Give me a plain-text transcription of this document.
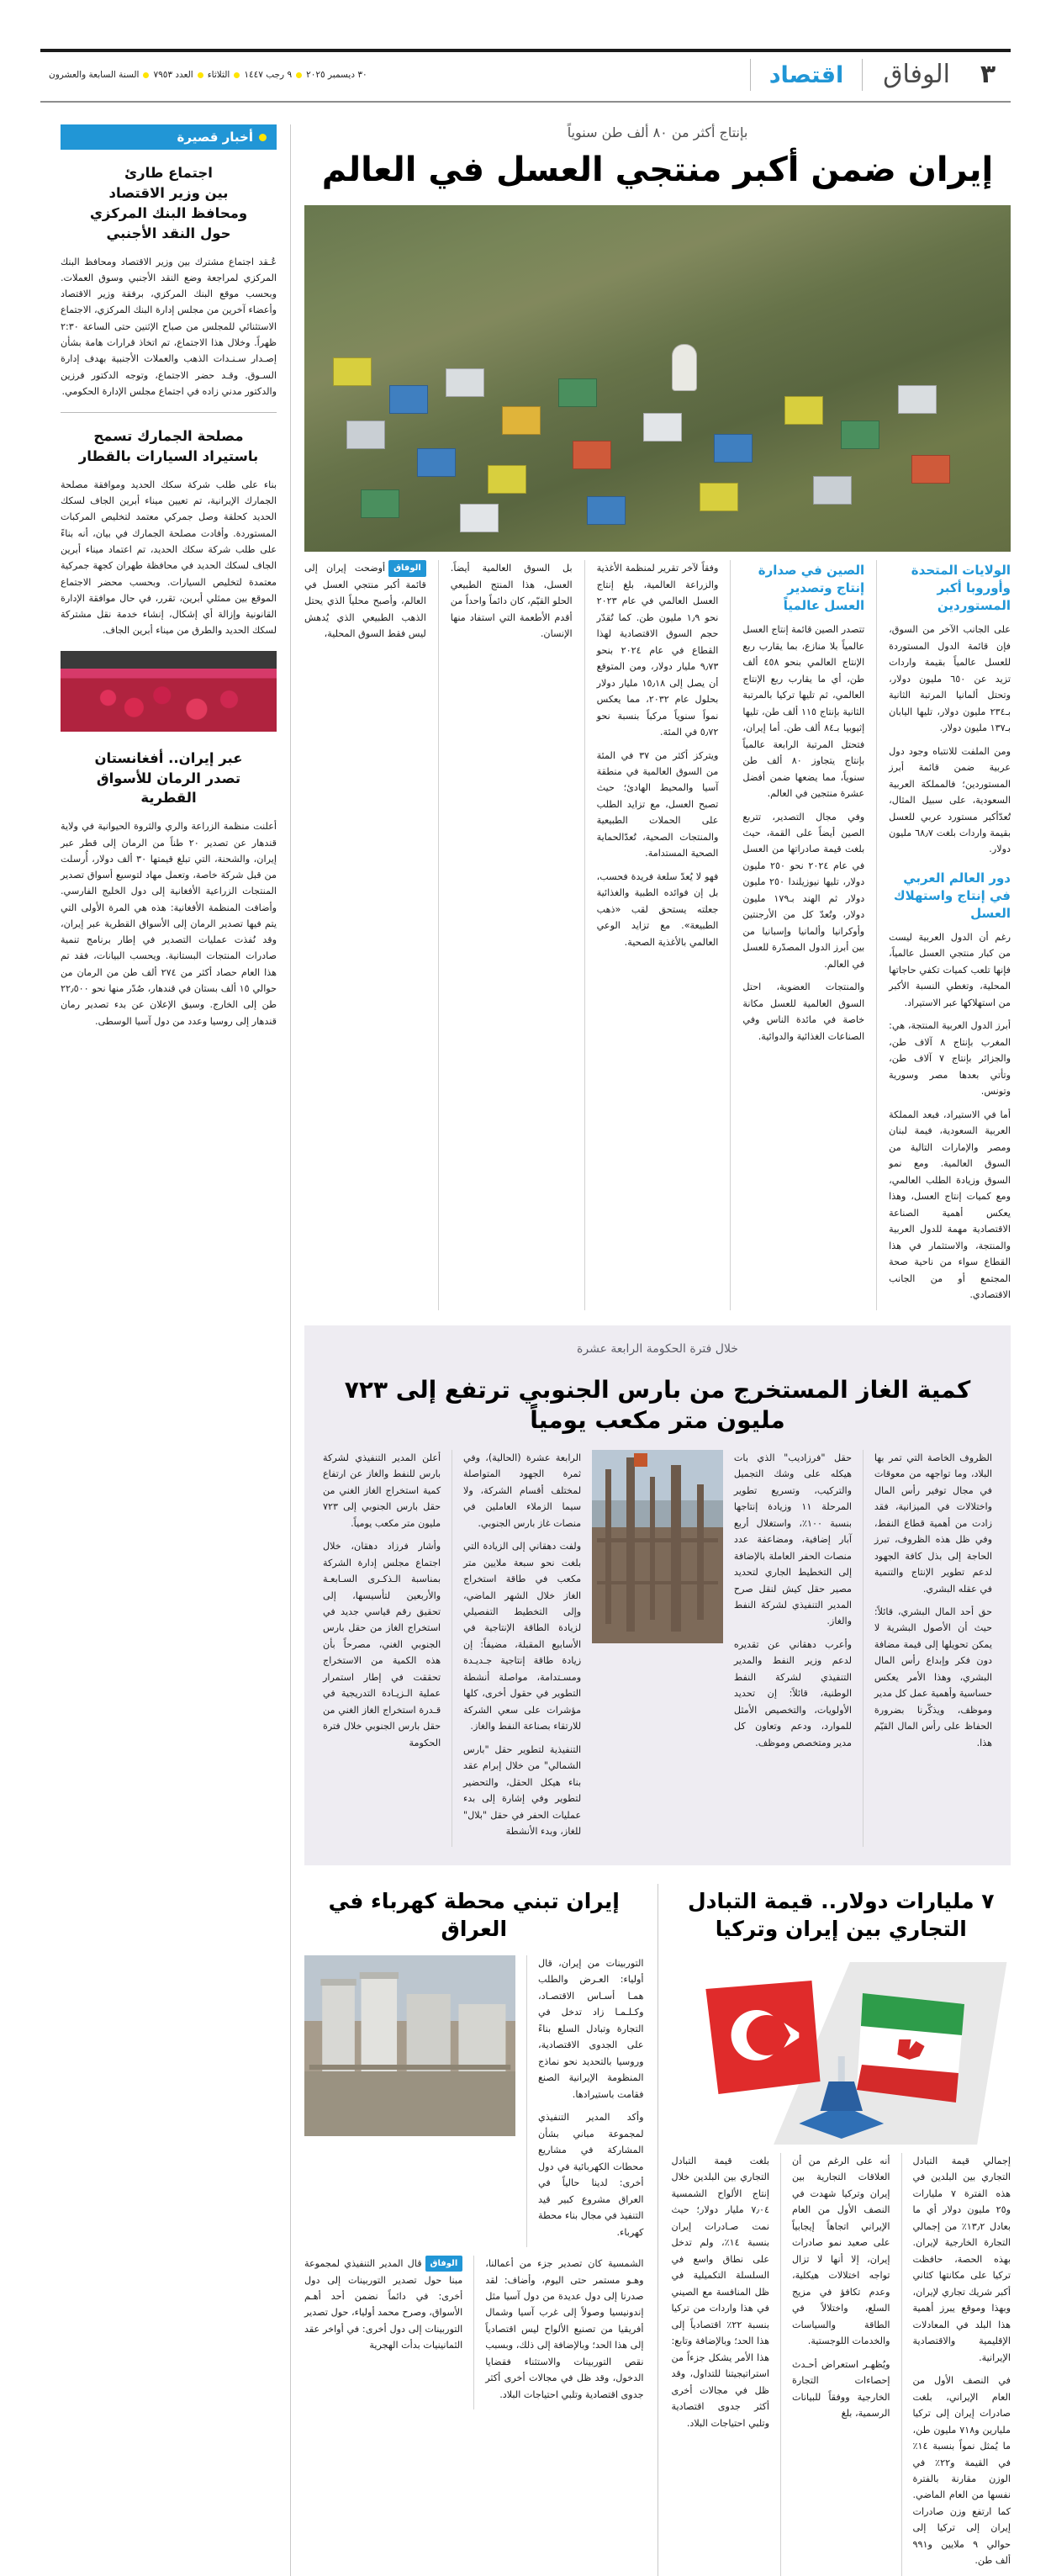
٣
الوفاق
اقتصاد
٣٠ ديسمبر ٢٠٢٥
٩ رجب ١٤٤٧
الثلاثاء
العدد ٧٩٥٣
السنة السابعة والعشرون
بإنتاج أكثر من ٨٠ ألف طن سنوياً
إيران ضمن أكبر منتجي العسل في العالم
الولايات المتحدة وأوروبا أكبر المستوردين

على الجانب الآخر من السوق، فإن قائمة الدول المستوردة للعسل عالمياً بقيمة واردات تزيد عن ٦٥٠ مليون دولار، وتحتل ألمانيا المرتبة الثانية بـ٢٣٤ مليون دولار، تليها اليابان بـ١٣٧ مليون دولار.

ومن الملفت للانتباه وجود دول عربية ضمن قائمة أبرز المستوردين؛ فالمملكة العربية السعودية، على سبيل المثال، تُعدّأكبر مستورد عربي للعسل بقيمة واردات بلغت ٦٨٫٧ مليون دولار.

دور العالم العربي في إنتاج واستهلاك العسل

رغم أن الدول العربية ليست من كبار منتجي العسل عالمياً، فإنها تلعب كميات تكفي حاجاتها المحلية، وتغطي النسبة الأكبر من استهلاكها عبر الاستيراد.

أبرز الدول العربية المنتجة، هي: المغرب بإنتاج ٨ آلاف طن، والجزائر بإنتاج ٧ آلاف طن، وتأتي بعدها مصر وسورية وتونس.

أما في الاستيراد، فبعد المملكة العربية السعودية، فيمة لبنان ومصر والإمارات التالية من السوق العالمية. ومع نمو السوق وزيادة الطلب العالمي، ومع كميات إنتاج العسل، وهذا يعكس أهمية الصناعة الاقتصادية مهمة للدول العربية والمنتجة، والاستثمار في هذا القطاع سواء من ناحية صحة المجتمع أو من الجانب الاقتصادي.

الصين في صدارة إنتاج وتصدير العسل عالمياً

تتصدر الصين قائمة إنتاج العسل عالمياً بلا منازع، بما يقارب ربع الإنتاج العالمي بنحو ٤٥٨ ألف طن، أي ما يقارب ربع الإنتاج العالمي، ثم تليها تركيا بالمرتبة الثانية بإنتاج ١١٥ ألف طن، تليها إثيوبيا بـ٨٤ ألف طن. أما إيران، فتحتل المرتبة الرابعة عالمياً بإنتاج يتجاوز ٨٠ ألف طن سنوياً، مما يضعها ضمن أفضل عشرة منتجين في العالم.

وفي مجال التصدير، تتربع الصين أيضاً على القمة، حيث بلغت قيمة صادراتها من العسل في عام ٢٠٢٤ نحو ٢٥٠ مليون دولار، تليها نيوزيلندا ٢٥٠ مليون دولار ثم الهند بـ١٧٩ مليون دولار، وتُعدّ كل من الأرجنتين وأوكرانيا وألمانيا وإسبانيا من بين أبرز الدول المصدّرة للعسل في العالم.

والمنتجات العضوية، احتل السوق العالمية للعسل مكانة خاصة في مائدة الناس وفي الصناعات الغذائية والدوائية.

وفقاً لآخر تقرير لمنظمة الأغذية والزراعة العالمية، بلغ إنتاج العسل العالمي في عام ٢٠٢٣ نحو ١٫٩ مليون طن. كما تُقدّر حجم السوق الاقتصادية لهذا القطاع في عام ٢٠٢٤ بنحو ٩٫٧٣ مليار دولار، ومن المتوقع أن يصل إلى ١٥٫١٨ مليار دولار بحلول عام ٢٠٣٢، مما يعكس نمواً سنوياً مركباً بنسبة نحو ٥٫٧٢ في المئة.

ويتركز أكثر من ٣٧ في المئة من السوق العالمية في منطقة آسيا والمحيط الهادئ؛ حيث تصبح العسل، مع تزايد الطلب على الحملات الطبيعية والمنتجات الصحية، تُعدّالحماية الصحية المستدامة.

فهو لا يُعدّ سلعة فريدة فحسب، بل إن فوائده الطبية والغذائية جعلته يستحق لقب «ذهب الطبيعة». مع تزايد الوعي العالمي بالأغذية الصحية.

بل السوق العالمية أيضاً. العسل، هذا المنتج الطبيعي الحلو القيّم، كان دائماً واحداً من أقدم الأطعمة التي استفاد منها الإنسان.

الوفاقأوضحت إيران إلى قائمة أكبر منتجي العسل في العالم، وأصبح محلياً الذي يحتل الذهب الطبيعي الذي يُدهش ليس فقط السوق المحلية،

خلال فترة الحكومة الرابعة عشرة
كمية الغاز المستخرج من بارس الجنوبي ترتفع إلى ٧٢٣ مليون متر مكعب يومياً

الظروف الخاصة التي تمر بها البلاد، وما تواجهه من معوقات في مجال توفير رأس المال واختلالات في الميزانية، فقد زادت من أهمية قطاع النفط، وفي ظل هذه الظروف، تبرز الحاجة إلى بذل كافة الجهود لدعم تطوير الإنتاج والتنمية في عقله البشري.

حق أحد المال البشري، قائلاً: حيث أن الأصول البشرية لا يمكن تحويلها إلى قيمة مضافة دون فكر وإبداع رأس المال البشري، وهذا الأمر يعكس حساسية وأهمية عمل كل مدير وموظف، ويذكّرنا بضرورة الحفاظ على رأس المال القيّم هذا.

حقل "فرزاديب" الذي بات هيكله على وشك التجميل والتركيب، وتسريع تطوير المرحلة ١١ وزيادة إنتاجها بنسبة ١٠٠٪، واستغلال أربع آبار إضافية، ومضاعفة عدد منصات الحفر العاملة بالإضافة إلى التخطيط الجاري لتحديد مصير حقل كيش لنقل صرح المدير التنفيذي لشركة النفط والغاز.

وأعرب دهقاني عن تقديره لدعم وزير النفط والمدير التنفيذي لشركة النفط الوطنية، قائلاً: إن تحديد الأولويات، والتخصيص الأمثل للموارد، ودعم وتعاون كل مدير ومتخصص وموظف.

الرابعة عشرة (الحالية)، وفي ثمرة الجهود المتواصلة لمختلف أقسام الشركة، ولا سيما الزملاء العاملين في منصات غاز بارس الجنوبي.

ولفت دهقاني إلى الزيادة التي بلغت نحو سبعة ملايين متر مكعب في طاقة استخراج الغاز خلال الشهر الماضي، وإلى التخطيط التفصيلي لزيادة الطاقة الإنتاجية في الأسابيع المقبلة، مضيفاً: إن زيادة طاقة إنتاجية جـديـدة ومسـتدامة، مواصلة أنشطة التطوير في حقول أخرى، كلها مؤشرات على سعي الشركة للارتقاء بصناعة النفط والغاز.

التنفيذية لتطوير حقل "بارس الشمالي" من خلال إبرام عقد بناء هيكل الحقل، والتحضير لتطوير وفي إشارة إلى بدء عمليات الحفر في حقل "بلال" للغاز، وبدء الأنشطة

أعلن المدير التنفيذي لشركة بارس للنفط والغاز عن ارتفاع كمية استخراج الغاز الغني من حقل بارس الجنوبي إلى ٧٢٣ مليون متر مكعب يومياً.

وأشار فرزاد دهقان، خلال اجتماع مجلس إدارة الشركة بمناسبة الـذكـرى السـابعـة والأربعين لتأسيسها، إلى تحقيق رقم قياسي جديد في استخراج الغاز من حقل بارس الجنوبي الغني، مصرحاً بأن هذه الكمية من الاستخراج تحققت في إطار استمرار عملية الـزيـادة التدريجية في قـدرة استخراج الغاز الغني من حقل بارس الجنوبي خلال فترة الحكومة

٧ مليارات دولار.. قيمة التبادل التجاري بين إيران وتركيا

إجمالي قيمة التبادل التجاري بين البلدين في هذه الفترة ٧ مليارات و٢٥ مليون دولار أي ما بعادل ١٣٫٢٪ من إجمالي التجارة الخارجية لإيران. بهذه الحصة، حافظت تركيا على مكانتها كثاني أكبر شريك تجاري لإيران، وبهذا وموقع يبرز أهمية هذا البلد في المعادلات الإقليمية والاقتصادية الإيرانية.

في النصف الأول من العام الإيراني، بلغت صادرات إيران إلى تركيا مليارين و٧١٨ مليون طن، ما يُمثل نمواً بنسبة ١٤٪ في القيمة و٢٢٪ في الوزن مقارنة بالفترة نفسها من العام الماضي. كما ارتفع وزن صادرات إيران إلى تركيا إلى حوالي ٩ ملايين و٩٩١ ألف طن.

أنه على الرغم من أن العلاقات التجارية بين إيران وتركيا شهدت في النصف الأول من العام الإيراني اتجاهاً إيجابياً على صعيد نمو صادرات إيران، إلا أنها لا تزال تواجه اختلالات هيكلية، وعدم تكافؤ في مزيج السلع، واختلالاً في الطاقة والسياسات والخدمات اللوجستية.

ويُظهـر استعراض أحـدث إحصاءات التجارة الخارجية ووفقاً للبيانات الرسمية، بلغ

بلغت قيمة التبادل التجاري بين البلدين خلال إنتاج الألواح الشمسية ٧٫٠٤ مليار دولار؛ حيث نمت صـادرات إيران بنسبة ١٤٪، ولم تدخل على نطاق واسع في السلسلة التكميلية في ظل المنافسة مع الصيني في هذا واردات من تركيا بنسبة ٢٢٪ اقتصادياً إلى هذا الحد؛ وبالإضافة وتابع: هذا الأمر يشكل جزءاً من استراتيجيتنا للتداول، وقد ظل في مجالات أخرى أكثر جدوى اقتصادية وتلبي احتياجات البلاد.

إيران تبني محطة كهرباء في العراق

التوربينات من إيران، قال أولياء: العـرض والطلب همـا أسـاس الاقتصـاد، وكـلـمـا زاد تدخل في التجارة وتبادل السلع بناءً على الجدوى الاقتصادية، وروسيا بالتحديد نحو نماذج المنظومة الإيرانية الصنع فقامت باستيرادها.

وأكد المدير التنفيذي لمجموعة مباني بشأن المشاركة في مشاريع محطات الكهربائية في دول أخرى: لدينا حالياً في العراق مشروع كبير قيد التنفيذ في مجال بناء محطة كهرباء.

الشمسية كان تصدير جزء من أعمالنا، وهـو مستمر حتى اليوم، وأضاف: لقد صدرنا إلى دول عديدة من دول آسيا مثل إندونيسيا وصولاً إلى غرب آسيا وشمال أفريقيا من تصنيع الألواح ليس اقتصادياً إلى هذا الحد؛ وبالإضافة إلى ذلك، وبسبب نقص التوربينات والاستثناء فقضايا الدخول، وقد ظل في مجالات أخرى أكثر جدوى اقتصادية وتلبي احتياجات البلاد.

الوفاققال المدير التنفيذي لمجموعة مبنا حول تصدير التوربينات إلى دول أخرى: في دائماً نضمن أحد أهـم الأسواق، وصرح محمد أولياء، حول تصدير التوربينات إلى دول أخرى: في أواخر عقد الثمانينيات بدأت الهجرية

أخبار قصيرة
اجتماع طارئ
بين وزير الاقتصاد
ومحافظ البنك المركزي
حول النقد الأجنبي
عُـقد اجتماع مشترك بين وزير الاقتصاد ومحافظ البنك المركزي لمراجعة وضع النقد الأجنبي وسوق العملات. وبحسب موقع البنك المركزي، برفقة وزير الاقتصاد وأعضاء آخرين من مجلس إدارة البنك المركزي، الاجتماع الاستثنائي للمجلس من صباح الإثنين حتى الساعة ٢:٣٠ ظهراً. وخلال هذا الاجتماع، تم اتخاذ قرارات هامة بشأن إصـدار سـنـدات الذهب والعملات الأجنبية بهدف إدارة السـوق. وقـد حضر الاجتماع، وتوجه الدكتور فرزين والدكتور مدني زاده في اجتماع مجلس الإدارة الحكومي.
مصلحة الجمارك تسمح
باستيراد السيارات بالقطار
بناء على طلب شركة سكك الحديد وموافقة مصلحة الجمارك الإيرانية، تم تعيين ميناء أبرين الجاف لسكك الحديد كحلقة وصل جمركي معتمد لتخليص المركبات المستوردة. وأفادت مصلحة الجمارك في بيان، أنه بناءً على طلب شركة سكك الحديد، تم اعتماد ميناء أبرين الجاف لسكك الحديد في محافظة طهران كجهة جمركية معتمدة لتخليص السيارات. وبحسب محضر الاجتماع الموقع بين ممثلي أبرين، تقرر، في حال موافقة الإدارة القانونية وإزالة أي إشكال، إنشاء خدمة نقل مشتركة لسكك الحديد والطرق من ميناء أبرين الجاف.
عبر إيران.. أفغانستان
تصدر الرمان للأسواق
القطرية
أعلنت منظمة الزراعة والري والثروة الحيوانية في ولاية قندهار عن تصدير ٢٠ طناً من الرمان إلى قطر عبر إيران، والشحنة، التي تبلغ قيمتها ٣٠ ألف دولار، أُرسلت من قبل شركة خاصة، وتعمل مهاد لتوسيع أسواق تصدير المنتجات الزراعية الأفغانية إلى دول الخليج الفارسي. وأضافت المنظمة الأفغانية: هذه هي المرة الأولى التي يتم فيها تصدير الرمان إلى الأسواق القطرية عبر إيران، وقد نُفذت عمليات التصدير في إطار برنامج تنمية صادرات المنتجات البستانية. ويحسب البيانات، فقد تم هذا العام حصاد أكثر من ٢٧٤ ألف طن من الرمان من حوالي ١٥ ألف بستان في قندهار، صُدّر منها نحو ٢٢٫٥٠٠ طن إلى الخارج. وسيق الإعلان عن بدء تصدير رمان قندهار إلى روسيا وعدد من دول آسيا الوسطى.
